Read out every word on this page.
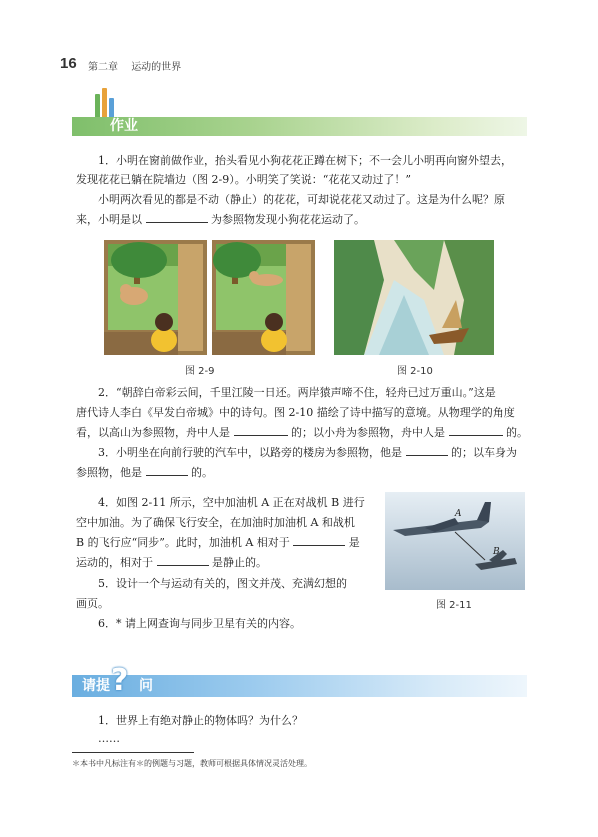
16 第二章 运动的世界
作业
1．小明在窗前做作业，抬头看见小狗花花正蹲在树下；不一会儿小明再向窗外望去，
发现花花已躺在院墙边（图 2-9）。小明笑了笑说：“花花又动过了！”
小明两次看见的都是不动（静止）的花花，可却说花花又动过了。这是为什么呢？原
来，小明是以	为参照物发现小狗花花运动了。
图 2-9	图 2-10
2．“朝辞白帝彩云间，千里江陵一日还。两岸猿声啼不住，轻舟已过万重山。”这是
唐代诗人李白《早发白帝城》中的诗句。图 2-10 描绘了诗中描写的意境。从物理学的角度
看，以高山为参照物，舟中人是	的；以小舟为参照物，舟中人是	的。
3．小明坐在向前行驶的汽车中，以路旁的楼房为参照物，他是	的；以车身为
参照物，他是	的。
4．如图 2-11 所示，空中加油机 A 正在对战机 B 进行
空中加油。为了确保飞行安全，在加油时加油机 A 和战机
B 的飞行应“同步”。此时，加油机 A 相对于	是
运动的，相对于	是静止的。
5．设计一个与运动有关的，图文并茂、充满幻想的
画页。
6．* 请上网查询与同步卫星有关的内容。
A
B
图 2-11
请提 ? 问
1．世界上有绝对静止的物体吗？为什么？
……
＊本书中凡标注有＊的例题与习题，教师可根据具体情况灵活处理。
